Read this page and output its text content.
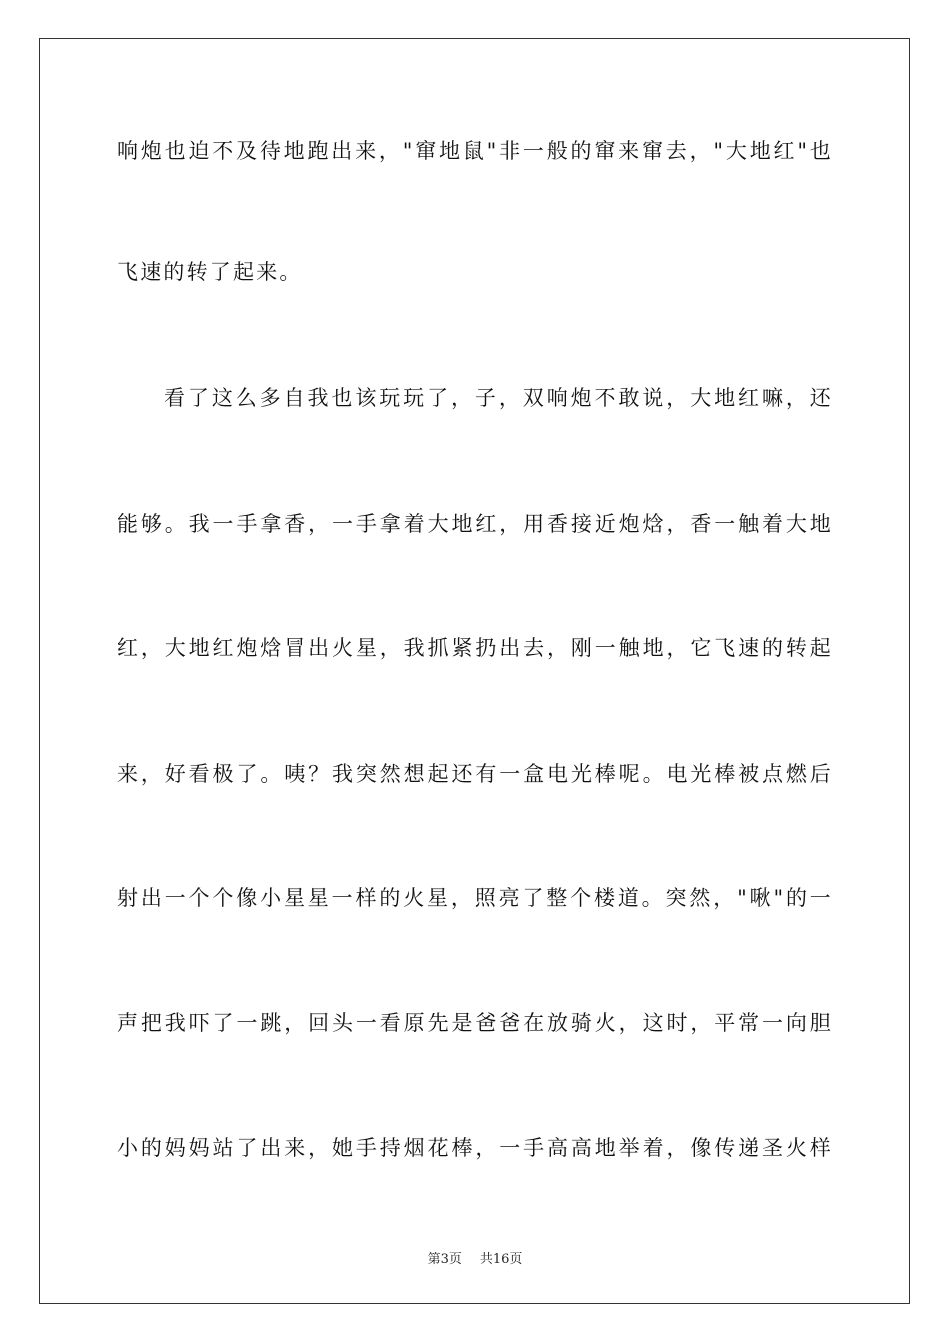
响炮也迫不及待地跑出来，"窜地鼠"非一般的窜来窜去，"大地红"也
飞速的转了起来。
看了这么多自我也该玩玩了，子，双响炮不敢说，大地红嘛，还
能够。我一手拿香，一手拿着大地红，用香接近炮焓，香一触着大地
红，大地红炮焓冒出火星，我抓紧扔出去，刚一触地，它飞速的转起
来，好看极了。咦？我突然想起还有一盒电光棒呢。电光棒被点燃后
射出一个个像小星星一样的火星，照亮了整个楼道。突然，"啾"的一
声把我吓了一跳，回头一看原先是爸爸在放骑火，这时，平常一向胆
小的妈妈站了出来，她手持烟花棒，一手高高地举着，像传递圣火样
第3页 共16页
